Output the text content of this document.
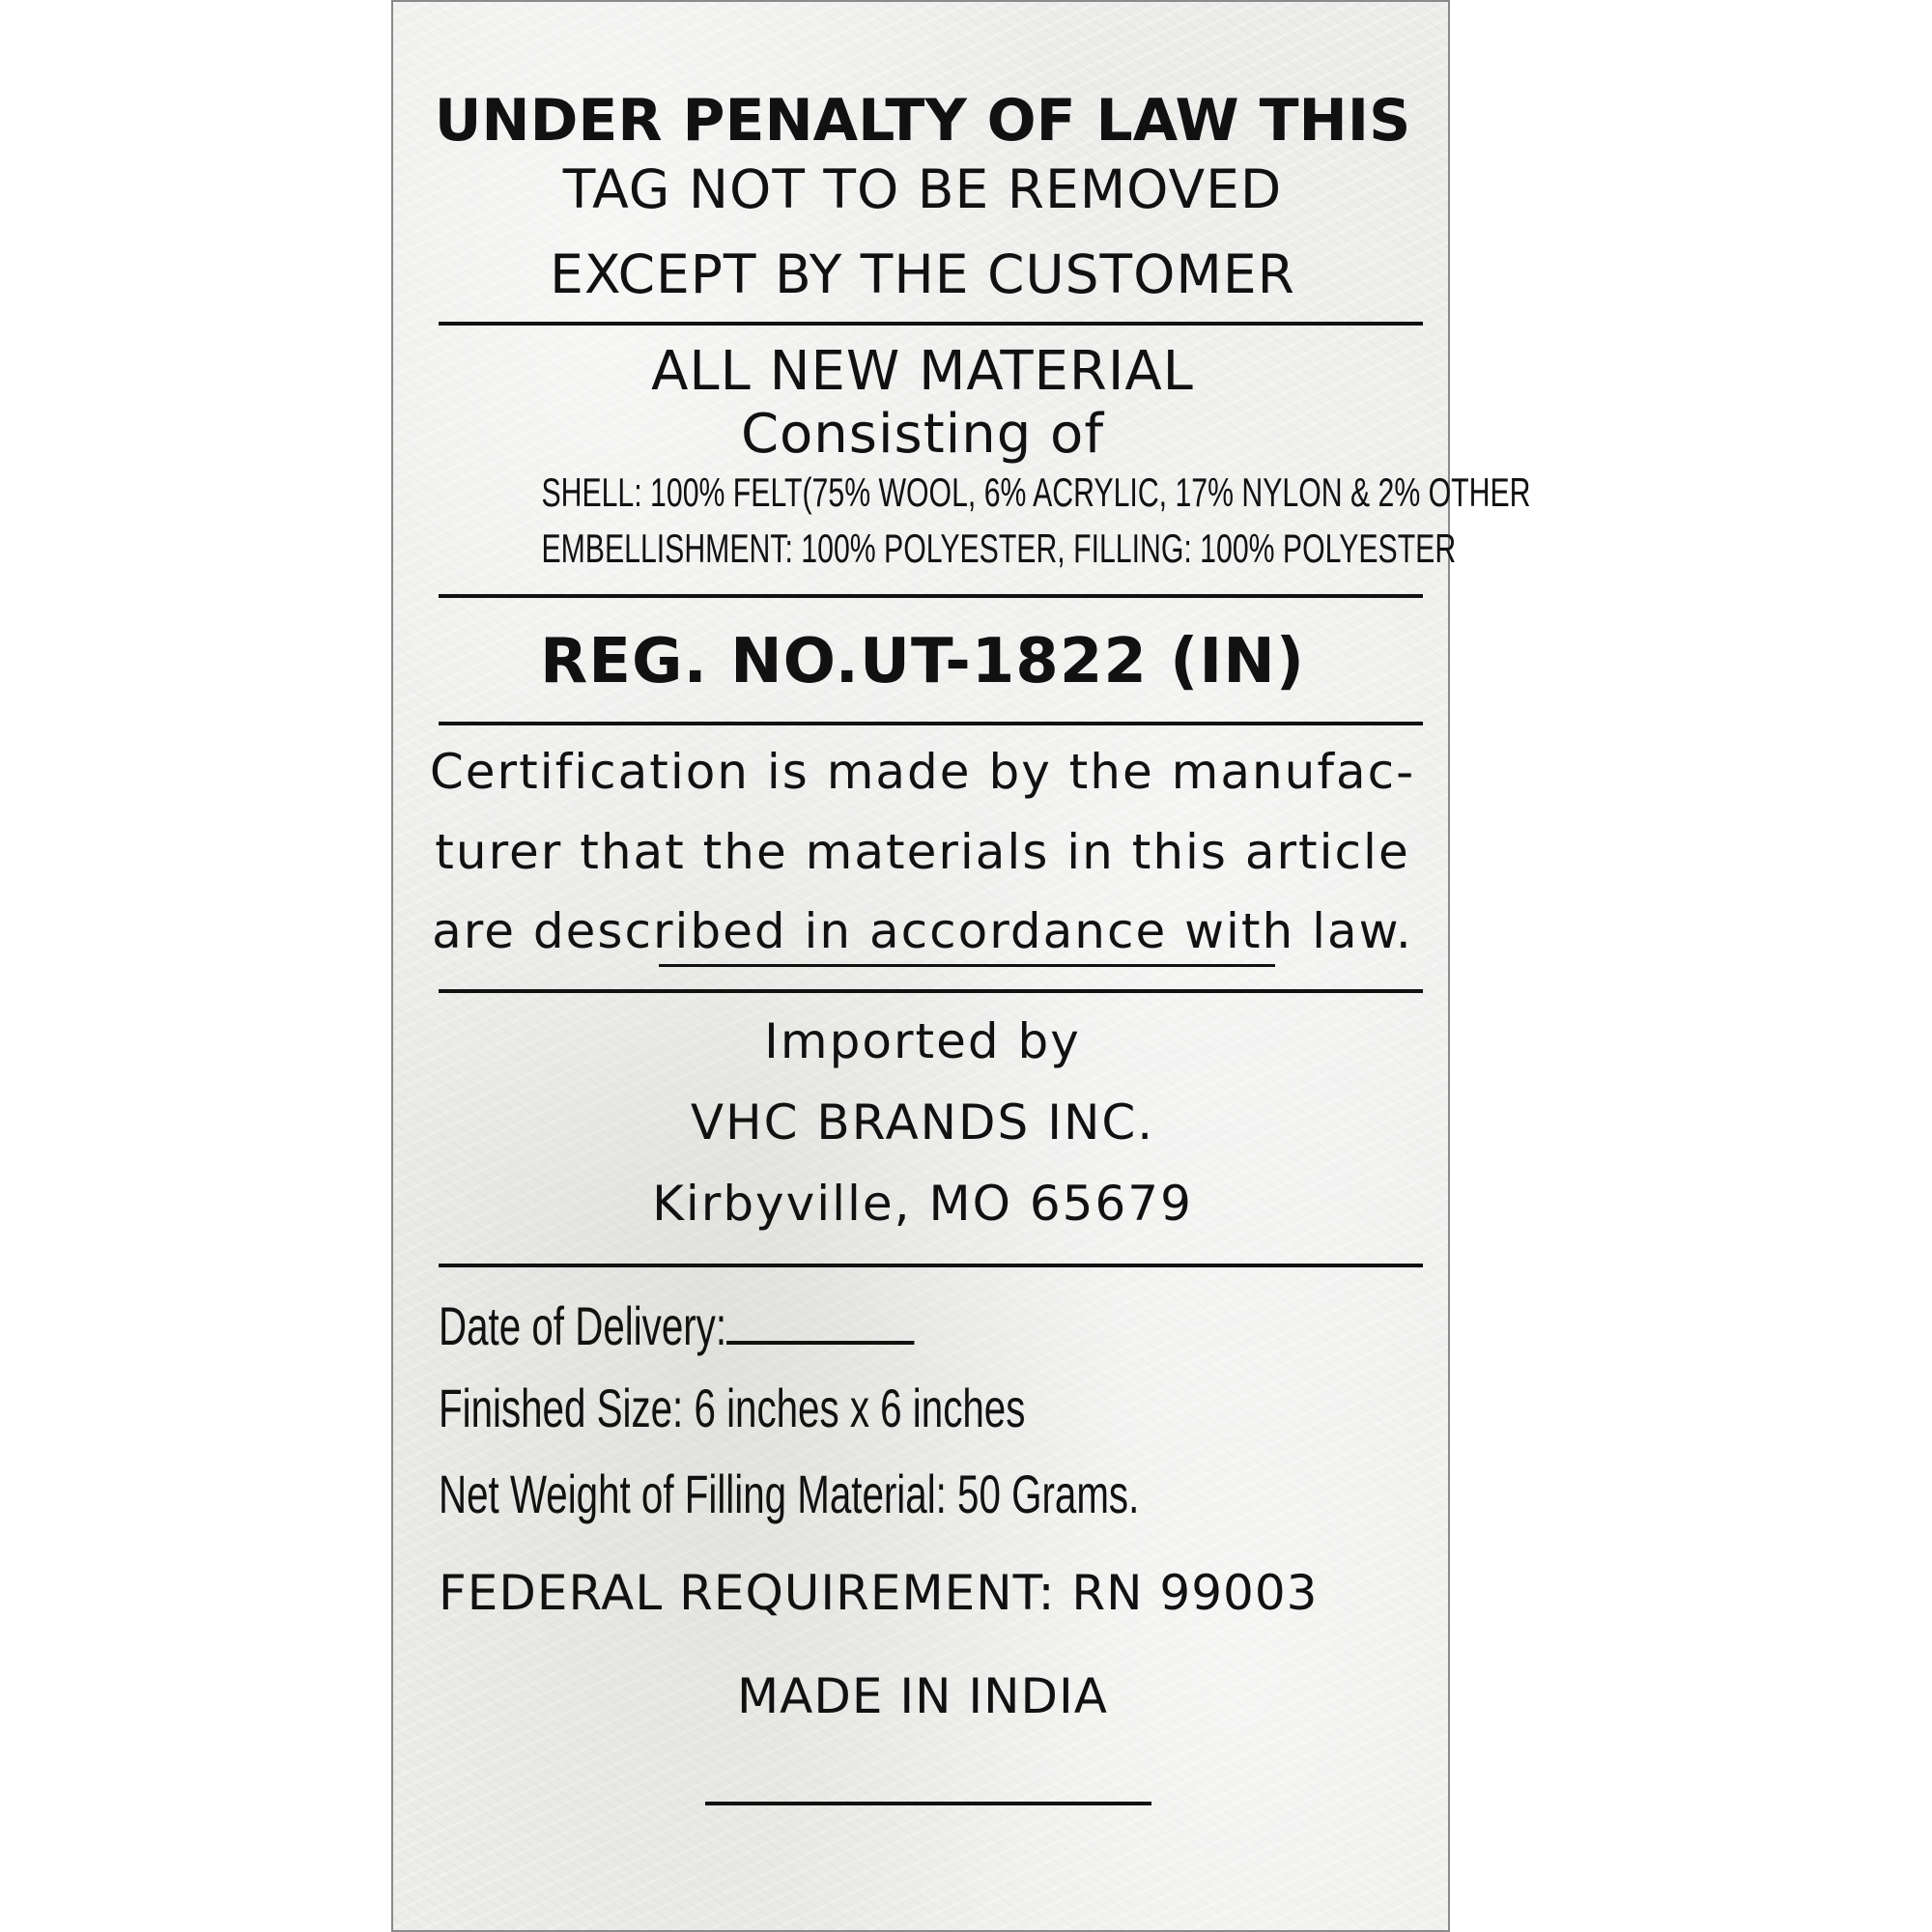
UNDER PENALTY OF LAW THIS
TAG NOT TO BE REMOVED
EXCEPT BY THE CUSTOMER
ALL NEW MATERIAL
Consisting of
SHELL: 100% FELT(75% WOOL, 6% ACRYLIC, 17% NYLON & 2% OTHER
EMBELLISHMENT: 100% POLYESTER, FILLING: 100% POLYESTER
REG. NO.UT-1822 (IN)
Certification is made by the manufac-
turer that the materials in this article
are described in accordance with law.
Imported by
VHC BRANDS INC.
Kirbyville, MO 65679
Date of Delivery:
Finished Size: 6 inches x 6 inches
Net Weight of Filling Material: 50 Grams.
FEDERAL REQUIREMENT: RN 99003
MADE IN INDIA
